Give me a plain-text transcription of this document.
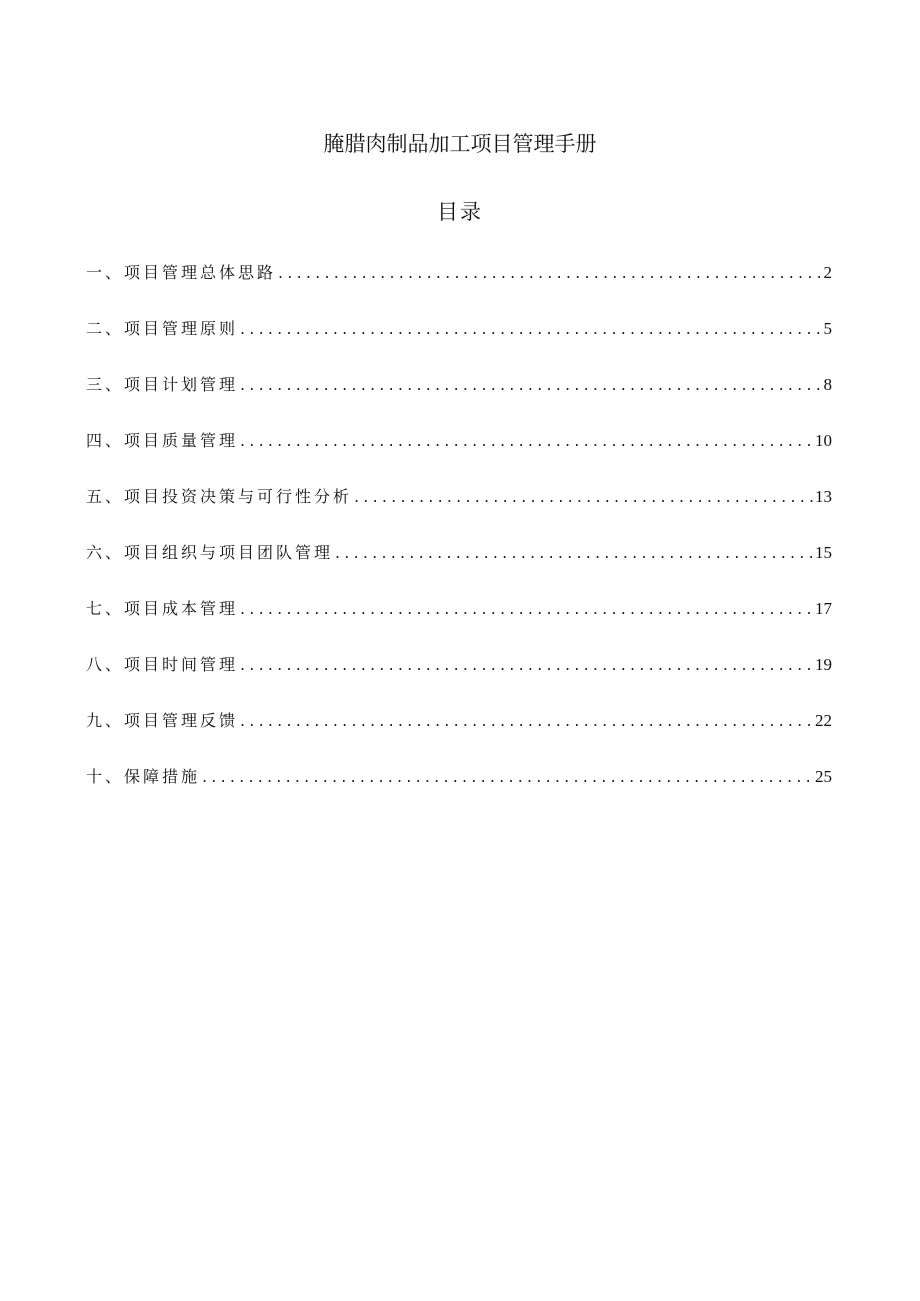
腌腊肉制品加工项目管理手册
目录
一、项目管理总体思路 .....	2
二、项目管理原则 .....	5
三、项目计划管理 .....	8
四、项目质量管理 .....	10
五、项目投资决策与可行性分析 .....	13
六、项目组织与项目团队管理 .....	15
七、项目成本管理 .....	17
八、项目时间管理 .....	19
九、项目管理反馈 .....	22
十、保障措施 .....	25
